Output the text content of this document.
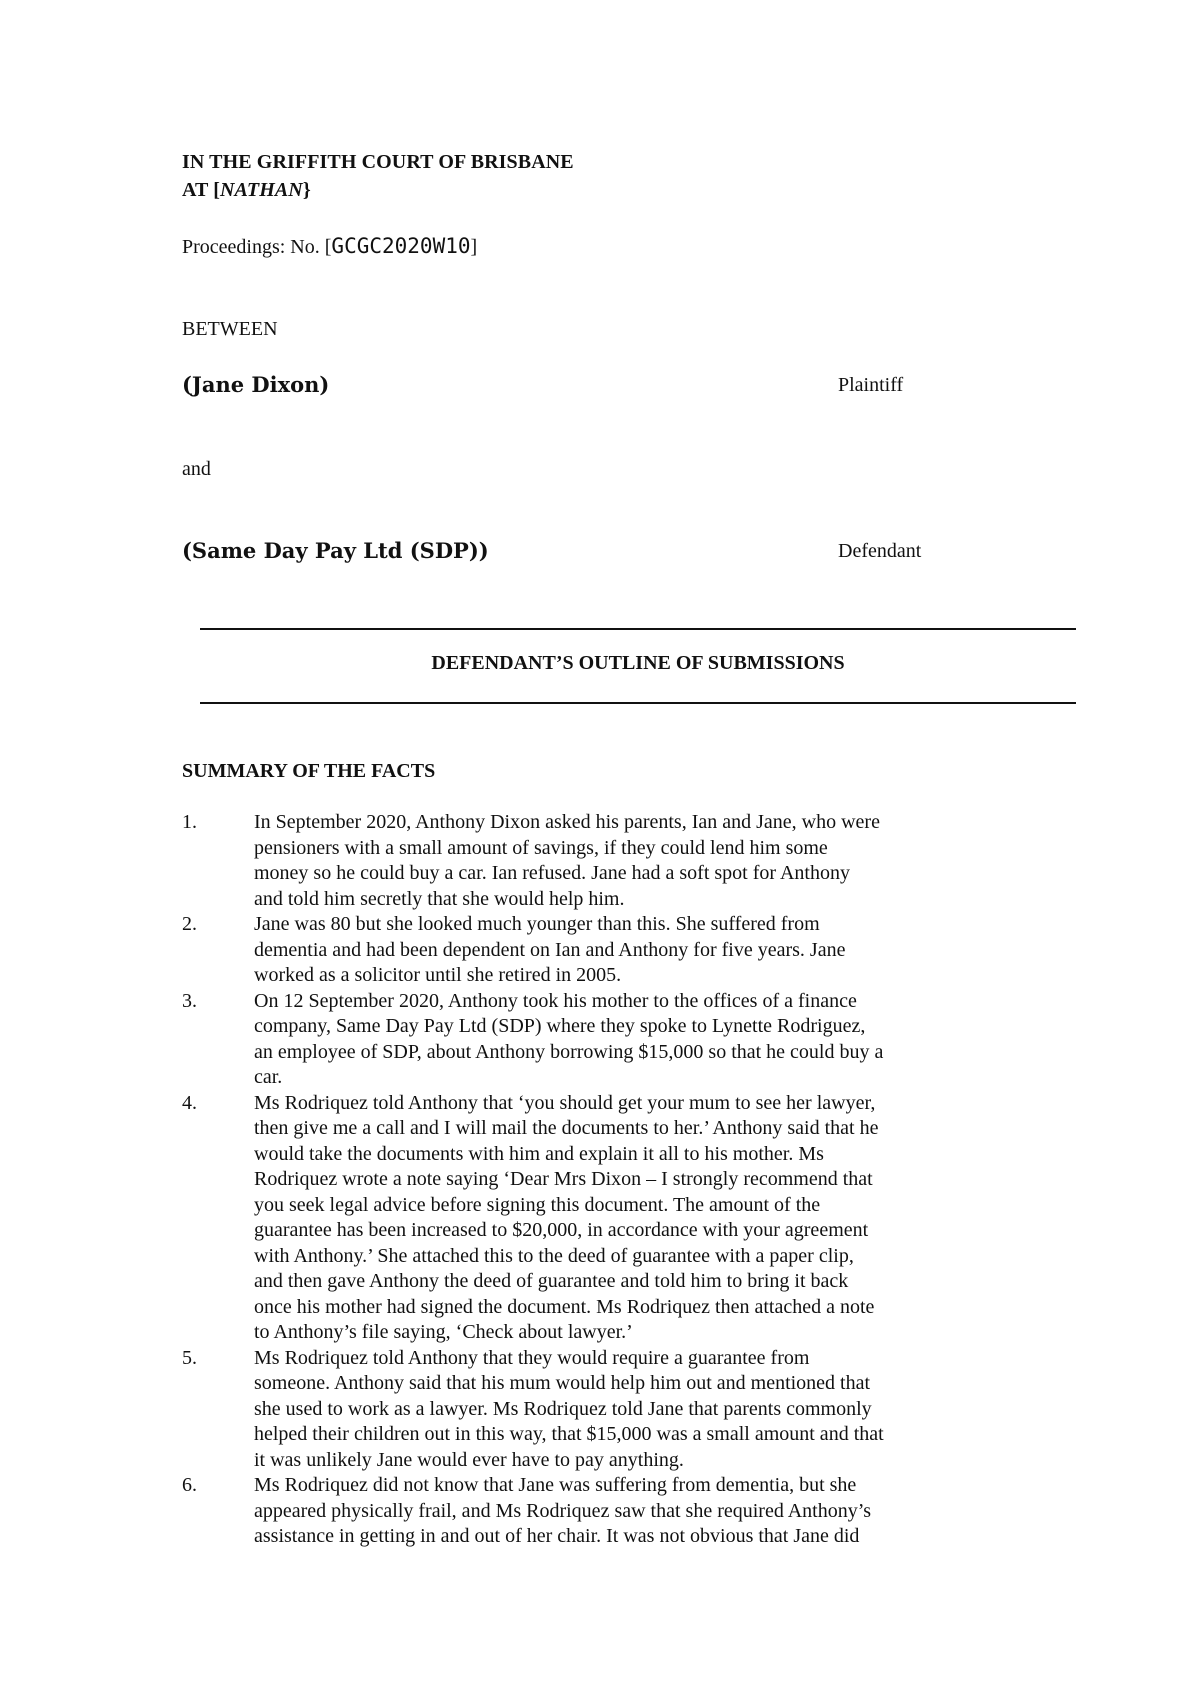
IN THE GRIFFITH COURT OF BRISBANE
AT [NATHAN}
Proceedings: No. [GCGC2020W10]
BETWEEN
(Jane Dixon)	Plaintiff
and
(Same Day Pay Ltd (SDP))	Defendant
DEFENDANT’S OUTLINE OF SUBMISSIONS
SUMMARY OF THE FACTS
1.	In September 2020, Anthony Dixon asked his parents, Ian and Jane, who were
pensioners with a small amount of savings, if they could lend him some
money so he could buy a car. Ian refused. Jane had a soft spot for Anthony
and told him secretly that she would help him.
2.	Jane was 80 but she looked much younger than this. She suffered from
dementia and had been dependent on Ian and Anthony for five years. Jane
worked as a solicitor until she retired in 2005.
3.	On 12 September 2020, Anthony took his mother to the offices of a finance
company, Same Day Pay Ltd (SDP) where they spoke to Lynette Rodriguez,
an employee of SDP, about Anthony borrowing $15,000 so that he could buy a
car.
4.	Ms Rodriquez told Anthony that ‘you should get your mum to see her lawyer,
then give me a call and I will mail the documents to her.’ Anthony said that he
would take the documents with him and explain it all to his mother. Ms
Rodriquez wrote a note saying ‘Dear Mrs Dixon – I strongly recommend that
you seek legal advice before signing this document. The amount of the
guarantee has been increased to $20,000, in accordance with your agreement
with Anthony.’ She attached this to the deed of guarantee with a paper clip,
and then gave Anthony the deed of guarantee and told him to bring it back
once his mother had signed the document. Ms Rodriquez then attached a note
to Anthony’s file saying, ‘Check about lawyer.’
5.	Ms Rodriquez told Anthony that they would require a guarantee from
someone. Anthony said that his mum would help him out and mentioned that
she used to work as a lawyer. Ms Rodriquez told Jane that parents commonly
helped their children out in this way, that $15,000 was a small amount and that
it was unlikely Jane would ever have to pay anything.
6.	Ms Rodriquez did not know that Jane was suffering from dementia, but she
appeared physically frail, and Ms Rodriquez saw that she required Anthony’s
assistance in getting in and out of her chair. It was not obvious that Jane did
